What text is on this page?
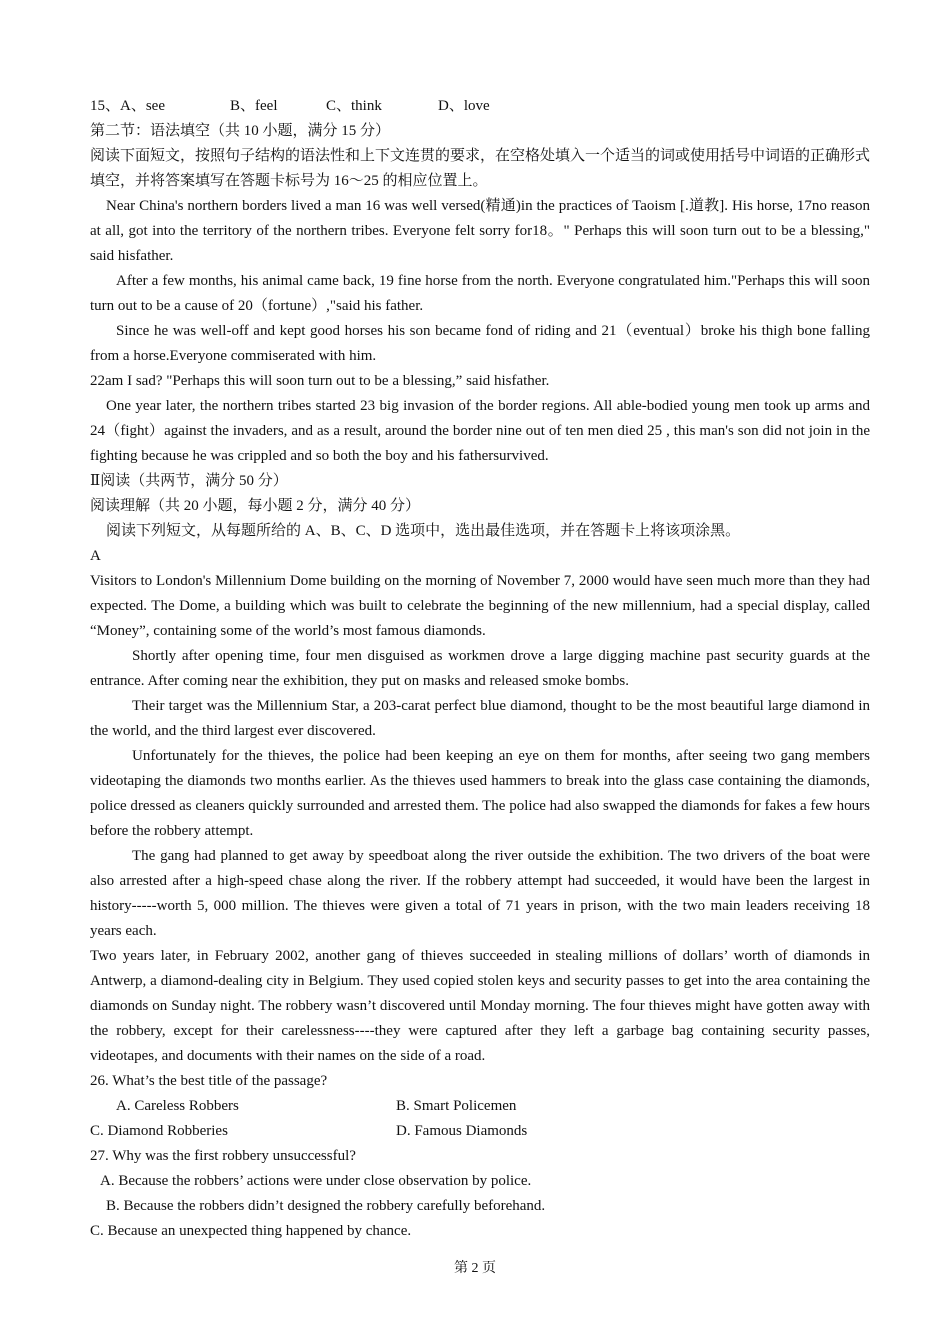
15、A、see	B、feel	C、think	D、love
第二节：语法填空（共 10 小题，满分 15 分）
阅读下面短文，按照句子结构的语法性和上下文连贯的要求，在空格处填入一个适当的词或使用括号中词语的正确形式填空，并将答案填写在答题卡标号为 16～25 的相应位置上。
Near China's northern borders lived a man 16 was well versed(精通)in the practices of Taoism [.道教]. His horse, 17no reason at all, got into the territory of the northern tribes. Everyone felt sorry for18。" Perhaps this will soon turn out to be a blessing," said hisfather.
After a few months, his animal came back, 19 fine horse from the north. Everyone congratulated him."Perhaps this will soon turn out to be a cause of 20（fortune）,"said his father.
Since he was well-off and kept good horses his son became fond of riding and 21（eventual）broke his thigh bone falling from a horse.Everyone commiserated with him.
22am I sad? "Perhaps this will soon turn out to be a blessing,” said hisfather.
One year later, the northern tribes started 23 big invasion of the border regions. All able-bodied young men took up arms and 24（fight）against the invaders, and as a result, around the border nine out of ten men died 25 , this man's son did not join in the fighting because he was crippled and so both the boy and his fathersurvived.
Ⅱ阅读（共两节，满分 50 分）
阅读理解（共 20 小题，每小题 2 分，满分 40 分）
阅读下列短文，从每题所给的 A、B、C、D 选项中，选出最佳选项，并在答题卡上将该项涂黑。
A
Visitors to London's Millennium Dome building on the morning of November 7, 2000 would have seen much more than they had expected. The Dome, a building which was built to celebrate the beginning of the new millennium, had a special display, called “Money”, containing some of the world’s most famous diamonds.
Shortly after opening time, four men disguised as workmen drove a large digging machine past security guards at the entrance. After coming near the exhibition, they put on masks and released smoke bombs.
Their target was the Millennium Star, a 203-carat perfect blue diamond, thought to be the most beautiful large diamond in the world, and the third largest ever discovered.
Unfortunately for the thieves, the police had been keeping an eye on them for months, after seeing two gang members videotaping the diamonds two months earlier. As the thieves used hammers to break into the glass case containing the diamonds, police dressed as cleaners quickly surrounded and arrested them. The police had also swapped the diamonds for fakes a few hours before the robbery attempt.
The gang had planned to get away by speedboat along the river outside the exhibition. The two drivers of the boat were also arrested after a high-speed chase along the river. If the robbery attempt had succeeded, it would have been the largest in history-----worth 5, 000 million. The thieves were given a total of 71 years in prison, with the two main leaders receiving 18 years each.
Two years later, in February 2002, another gang of thieves succeeded in stealing millions of dollars’ worth of diamonds in Antwerp, a diamond-dealing city in Belgium. They used copied stolen keys and security passes to get into the area containing the diamonds on Sunday night. The robbery wasn’t discovered until Monday morning. The four thieves might have gotten away with the robbery, except for their carelessness----they were captured after they left a garbage bag containing security passes, videotapes, and documents with their names on the side of a road.
26. What’s the best title of the passage?
A. Careless Robbers	B. Smart Policemen
C. Diamond Robberies	D. Famous Diamonds
27. Why was the first robbery unsuccessful?
A. Because the robbers’ actions were under close observation by police.
B. Because the robbers didn’t designed the robbery carefully beforehand.
C. Because an unexpected thing happened by chance.
第 2 页
